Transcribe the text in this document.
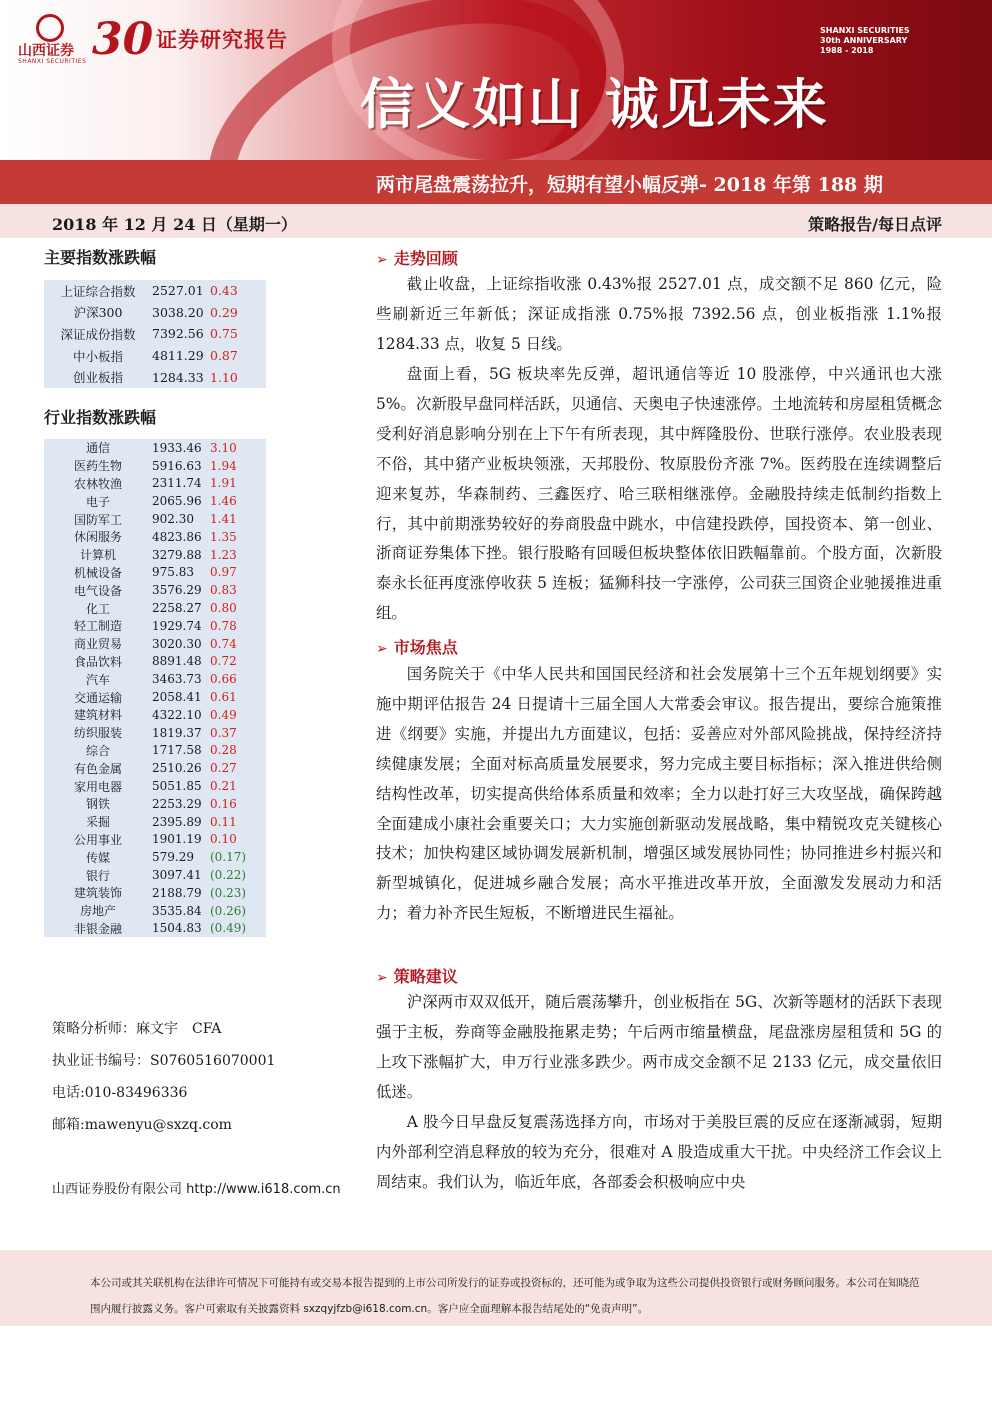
山西证券
SHANXI SECURITIES 30 证券研究报告	SHANXI SECURITIES 30th ANNIVERSARY 1988 - 2018
信义如山 诚见未来
两市尾盘震荡拉升，短期有望小幅反弹- 2018 年第 188 期
2018 年 12 月 24 日（星期一）	策略报告/每日点评
主要指数涨跌幅
上证综合指数	2527.01	0.43
沪深300	3038.20	0.29
深证成份指数	7392.56	0.75
中小板指	4811.29	0.87
创业板指	1284.33	1.10
行业指数涨跌幅
通信	1933.46	3.10
医药生物	5916.63	1.94
农林牧渔	2311.74	1.91
电子	2065.96	1.46
国防军工	902.30	1.41
休闲服务	4823.86	1.35
计算机	3279.88	1.23
机械设备	975.83	0.97
电气设备	3576.29	0.83
化工	2258.27	0.80
轻工制造	1929.74	0.78
商业贸易	3020.30	0.74
食品饮料	8891.48	0.72
汽车	3463.73	0.66
交通运输	2058.41	0.61
建筑材料	4322.10	0.49
纺织服装	1819.37	0.37
综合	1717.58	0.28
有色金属	2510.26	0.27
家用电器	5051.85	0.21
钢铁	2253.29	0.16
采掘	2395.89	0.11
公用事业	1901.19	0.10
传媒	579.29	(0.17)
银行	3097.41	(0.22)
建筑装饰	2188.79	(0.23)
房地产	3535.84	(0.26)
非银金融	1504.83	(0.49)
策略分析师：麻文宇　CFA
执业证书编号：S0760516070001
电话:010-83496336
邮箱:mawenyu@sxzq.com
山西证券股份有限公司 http://www.i618.com.cn
➢ 走势回顾

截止收盘，上证综指收涨 0.43%报 2527.01 点，成交额不足 860 亿元，险些刷新近三年新低；深证成指涨 0.75%报 7392.56 点，创业板指涨 1.1%报 1284.33 点，收复 5 日线。

盘面上看，5G 板块率先反弹，超讯通信等近 10 股涨停，中兴通讯也大涨 5%。次新股早盘同样活跃，贝通信、天奥电子快速涨停。土地流转和房屋租赁概念受利好消息影响分别在上下午有所表现，其中辉隆股份、世联行涨停。农业股表现不俗，其中猪产业板块领涨，天邦股份、牧原股份齐涨 7%。医药股在连续调整后迎来复苏，华森制药、三鑫医疗、哈三联相继涨停。金融股持续走低制约指数上行，其中前期涨势较好的券商股盘中跳水，中信建投跌停，国投资本、第一创业、浙商证券集体下挫。银行股略有回暖但板块整体依旧跌幅靠前。个股方面，次新股泰永长征再度涨停收获 5 连板；猛狮科技一字涨停，公司获三国资企业驰援推进重组。

➢ 市场焦点

国务院关于《中华人民共和国国民经济和社会发展第十三个五年规划纲要》实施中期评估报告 24 日提请十三届全国人大常委会审议。报告提出，要综合施策推进《纲要》实施，并提出九方面建议，包括：妥善应对外部风险挑战，保持经济持续健康发展；全面对标高质量发展要求，努力完成主要目标指标；深入推进供给侧结构性改革，切实提高供给体系质量和效率；全力以赴打好三大攻坚战，确保跨越全面建成小康社会重要关口；大力实施创新驱动发展战略，集中精锐攻克关键核心技术；加快构建区域协调发展新机制，增强区域发展协同性；协同推进乡村振兴和新型城镇化，促进城乡融合发展；高水平推进改革开放，全面激发发展动力和活力；着力补齐民生短板，不断增进民生福祉。

➢ 策略建议

沪深两市双双低开，随后震荡攀升，创业板指在 5G、次新等题材的活跃下表现强于主板，券商等金融股拖累走势；午后两市缩量横盘，尾盘涨房屋租赁和 5G 的上攻下涨幅扩大，申万行业涨多跌少。两市成交金额不足 2133 亿元，成交量依旧低迷。

A 股今日早盘反复震荡选择方向，市场对于美股巨震的反应在逐渐减弱，短期内外部利空消息释放的较为充分，很难对 A 股造成重大干扰。中央经济工作会议上周结束。我们认为，临近年底，各部委会积极响应中央

本公司或其关联机构在法律许可情况下可能持有或交易本报告提到的上市公司所发行的证券或投资标的，还可能为或争取为这些公司提供投资银行或财务顾问服务。本公司在知晓范围内履行披露义务。客户可索取有关披露资料 sxzqyjfzb@i618.com.cn。客户应全面理解本报告结尾处的“免责声明”。
